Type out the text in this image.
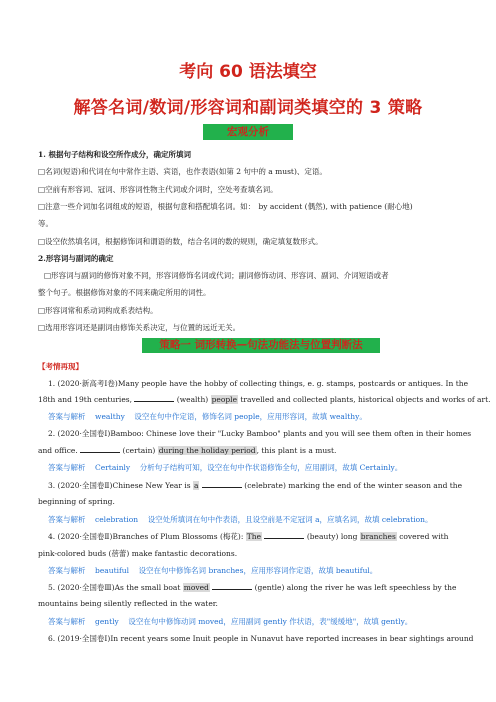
考向 60 语法填空
解答名词/数词/形容词和副词类填空的 3 策略
宏观分析
1. 根据句子结构和设空所作成分，确定所填词
□名词(短语)和代词在句中常作主语、宾语，也作表语(如第 2 句中的 a must)、定语。
□空前有形容词、冠词、形容词性物主代词或介词时，空处考查填名词。
□注意一些介词加名词组成的短语，根据句意和搭配填名词。如： by accident (偶然), with patience (耐心地)
等。
□设空依然填名词，根据修饰词和谓语的数，结合名词的数的规则，确定填复数形式。
2.形容词与副词的确定
□形容词与副词的修饰对象不同，形容词修饰名词或代词；副词修饰动词、形容词、副词、介词短语或者
整个句子。根据修饰对象的不同来确定所用的词性。
□形容词常和系动词构成系表结构。
□选用形容词还是副词由修饰关系决定，与位置的远近无关。
策略一 词形转换—句法功能法与位置判断法
【考情再现】
1. (2020·新高考Ⅰ卷)Many people have the hobby of collecting things, e. g. stamps, postcards or antiques. In the
18th and 19th centuries,	(wealth) people travelled and collected plants, historical objects and works of art.
答案与解析 wealthy 设空在句中作定语，修饰名词 people，应用形容词，故填 wealthy。
2. (2020·全国卷Ⅰ)Bamboo: Chinese love their "Lucky Bamboo" plants and you will see them often in their homes
and office.	(certain) during the holiday period, this plant is a must.
答案与解析 Certainly 分析句子结构可知，设空在句中作状语修饰全句，应用副词，故填 Certainly。
3. (2020·全国卷Ⅱ)Chinese New Year is a	(celebrate) marking the end of the winter season and the
beginning of spring.
答案与解析 celebration 设空处所填词在句中作表语，且设空前是不定冠词 a，应填名词，故填 celebration。
4. (2020·全国卷Ⅱ)Branches of Plum Blossoms (梅花): The	(beauty) long branches covered with
pink-colored buds (蓓蕾) make fantastic decorations.
答案与解析 beautiful 设空在句中修饰名词 branches，应用形容词作定语，故填 beautiful。
5. (2020·全国卷Ⅲ)As the small boat moved	(gentle) along the river he was left speechless by the
mountains being silently reflected in the water.
答案与解析 gently 设空在句中修饰动词 moved，应用副词 gently 作状语，表"缓缓地"，故填 gently。
6. (2019·全国卷Ⅰ)In recent years some Inuit people in Nunavut have reported increases in bear sightings around
